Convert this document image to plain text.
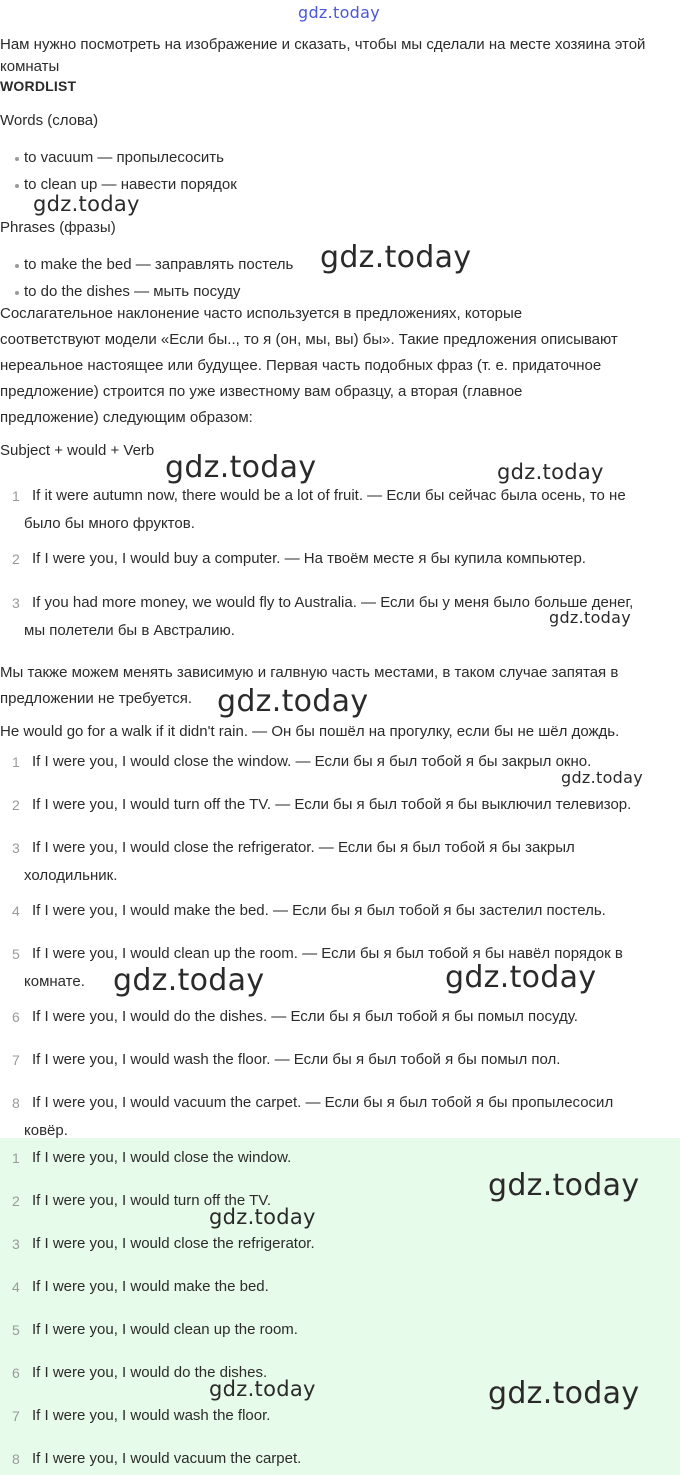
gdz.today
Нам нужно посмотреть на изображение и сказать, чтобы мы сделали на месте хозяина этой комнаты
WORDLIST
Words (слова)
to vacuum — пропылесосить
to clean up — навести порядок
Phrases (фразы)
to make the bed — заправлять постель
to do the dishes — мыть посуду
Сослагательное наклонение часто используется в предложениях, которые
соответствуют модели «Если бы.., то я (он, мы, вы) бы». Такие предложения описывают
нереальное настоящее или будущее. Первая часть подобных фраз (т. е. придаточное
предложение) строится по уже известному вам образцу, а вторая (главное
предложение) следующим образом:
Subject + would + Verb
1 If it were autumn now, there would be a lot of fruit. — Если бы сейчас была осень, то не
было бы много фруктов.
2 If I were you, I would buy a computer. — На твоём месте я бы купила компьютер.
3 If you had more money, we would fly to Australia. — Если бы у меня было больше денег,
мы полетели бы в Австралию.
Мы также можем менять зависимую и галвную часть местами, в таком случае запятая в
предложении не требуется.
He would go for a walk if it didn't rain. — Он бы пошёл на прогулку, если бы не шёл дождь.
1 If I were you, I would close the window. — Если бы я был тобой я бы закрыл окно.
2 If I were you, I would turn off the TV. — Если бы я был тобой я бы выключил телевизор.
3 If I were you, I would close the refrigerator. — Если бы я был тобой я бы закрыл
холодильник.
4 If I were you, I would make the bed. — Если бы я был тобой я бы застелил постель.
5 If I were you, I would clean up the room. — Если бы я был тобой я бы навёл порядок в
комнате.
6 If I were you, I would do the dishes. — Если бы я был тобой я бы помыл посуду.
7 If I were you, I would wash the floor. — Если бы я был тобой я бы помыл пол.
8 If I were you, I would vacuum the carpet. — Если бы я был тобой я бы пропылесосил
ковёр.
1 If I were you, I would close the window.
2 If I were you, I would turn off the TV.
3 If I were you, I would close the refrigerator.
4 If I were you, I would make the bed.
5 If I were you, I would clean up the room.
6 If I were you, I would do the dishes.
7 If I were you, I would wash the floor.
8 If I were you, I would vacuum the carpet.
gdz.today
gdz.today
gdz.today	gdz.today
gdz.today
gdz.today
gdz.today
gdz.today	gdz.today
gdz.today
gdz.today
gdz.today	gdz.today
